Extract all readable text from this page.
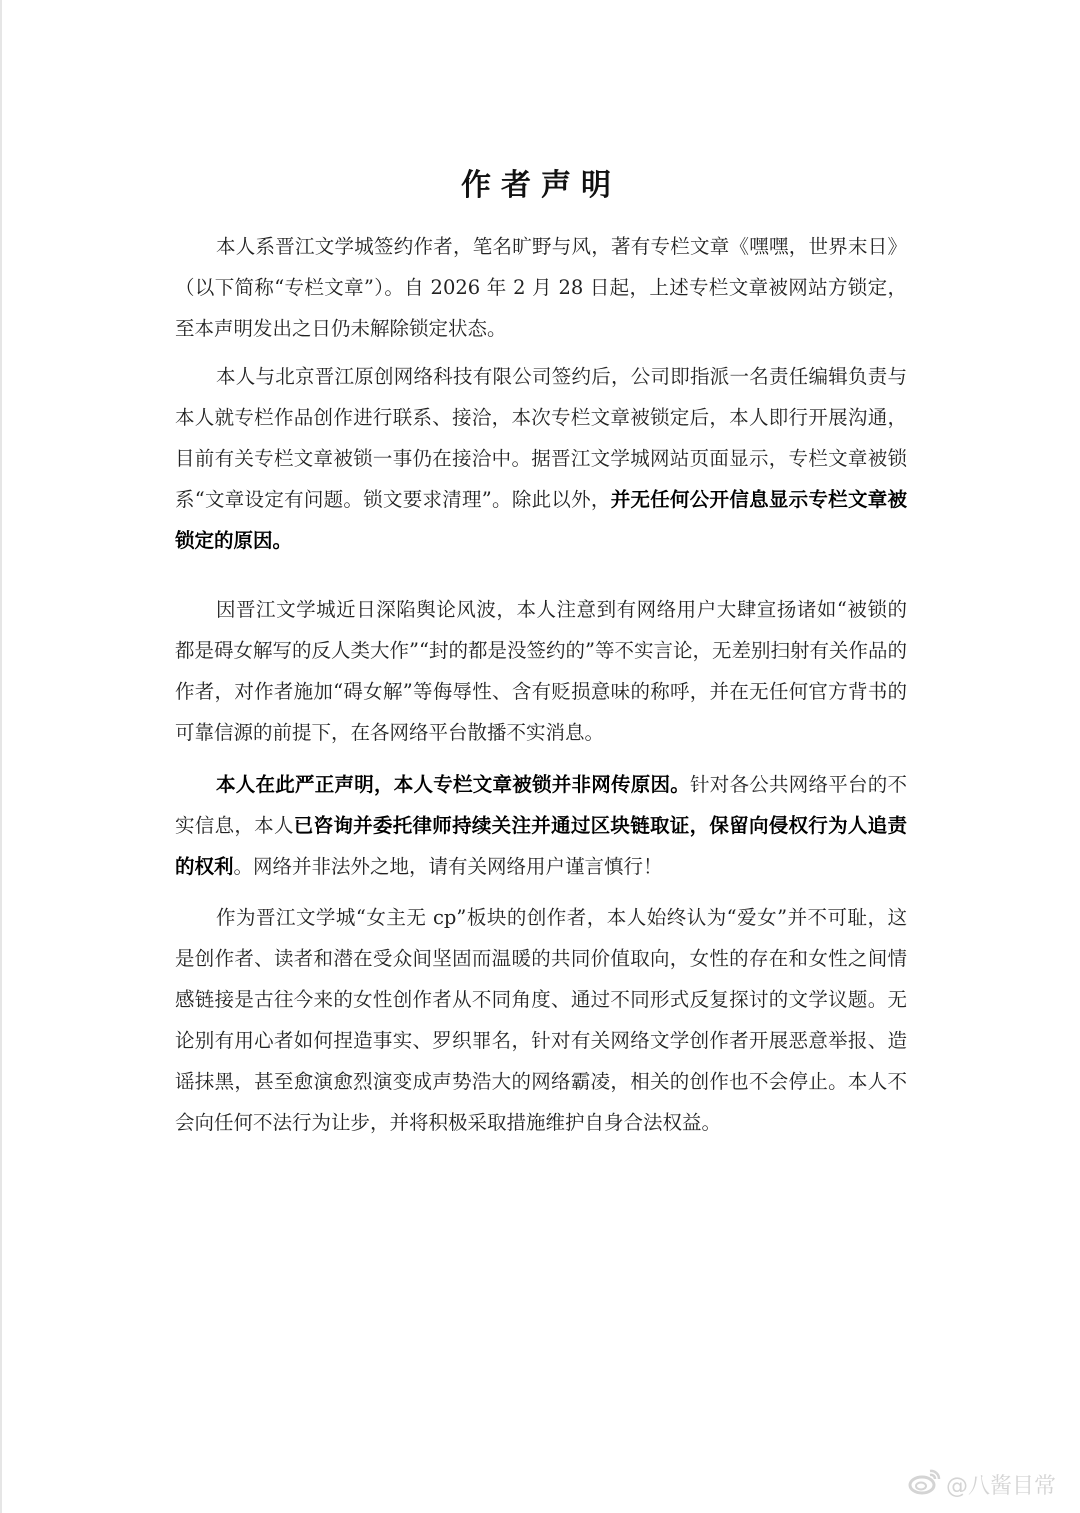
作者声明

本人系晋江文学城签约作者，笔名旷野与风，著有专栏文章《嘿嘿，世界末日》（以下简称“专栏文章”）。自 2026 年 2 月 28 日起，上述专栏文章被网站方锁定，至本声明发出之日仍未解除锁定状态。

本人与北京晋江原创网络科技有限公司签约后，公司即指派一名责任编辑负责与本人就专栏作品创作进行联系、接洽，本次专栏文章被锁定后，本人即行开展沟通，目前有关专栏文章被锁一事仍在接洽中。据晋江文学城网站页面显示，专栏文章被锁系“文章设定有问题。锁文要求清理”。除此以外，并无任何公开信息显示专栏文章被锁定的原因。

因晋江文学城近日深陷舆论风波，本人注意到有网络用户大肆宣扬诸如“被锁的都是碍女解写的反人类大作”“封的都是没签约的”等不实言论，无差别扫射有关作品的作者，对作者施加“碍女解”等侮辱性、含有贬损意味的称呼，并在无任何官方背书的可靠信源的前提下，在各网络平台散播不实消息。

本人在此严正声明，本人专栏文章被锁并非网传原因。针对各公共网络平台的不实信息，本人已咨询并委托律师持续关注并通过区块链取证，保留向侵权行为人追责的权利。网络并非法外之地，请有关网络用户谨言慎行！

作为晋江文学城“女主无 cp”板块的创作者，本人始终认为“爱女”并不可耻，这是创作者、读者和潜在受众间坚固而温暖的共同价值取向，女性的存在和女性之间情感链接是古往今来的女性创作者从不同角度、通过不同形式反复探讨的文学议题。无论别有用心者如何捏造事实、罗织罪名，针对有关网络文学创作者开展恶意举报、造谣抹黑，甚至愈演愈烈演变成声势浩大的网络霸凌，相关的创作也不会停止。本人不会向任何不法行为让步，并将积极采取措施维护自身合法权益。

@八酱目常
